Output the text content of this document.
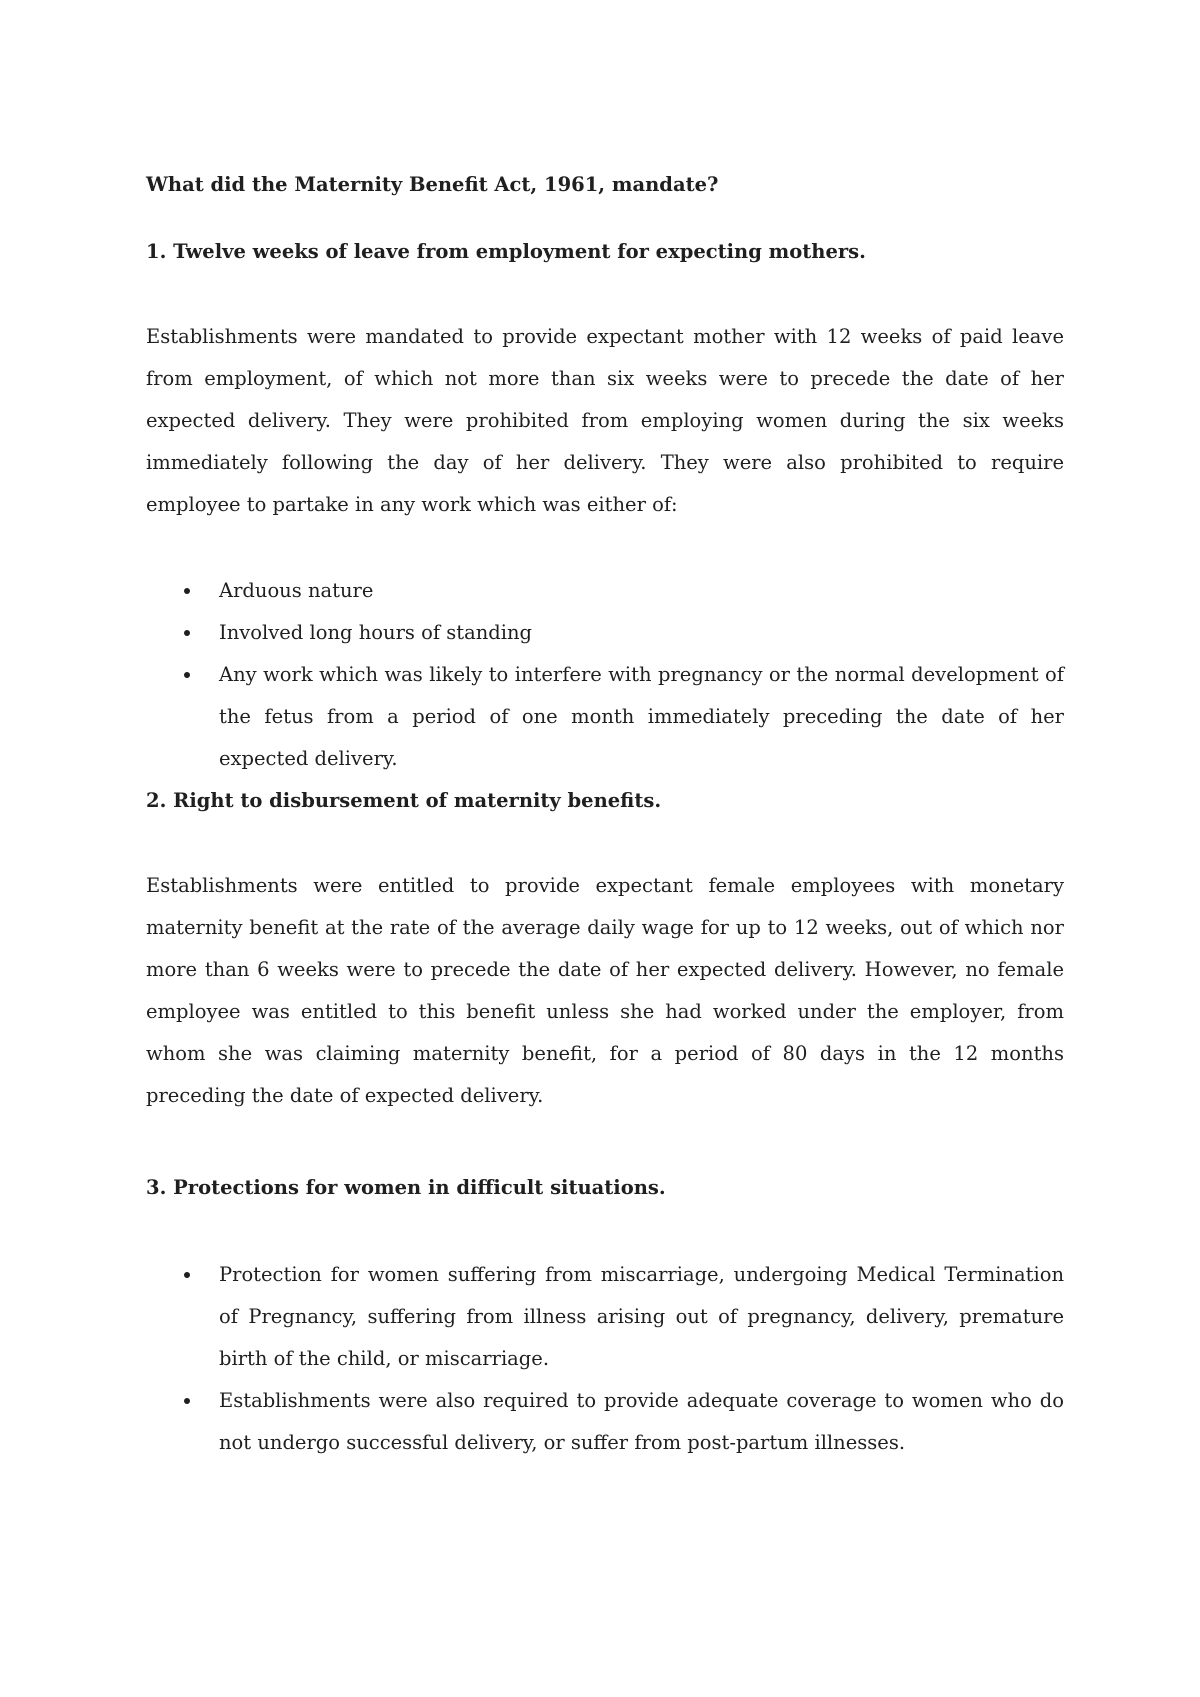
What did the Maternity Benefit Act, 1961, mandate?
1. Twelve weeks of leave from employment for expecting mothers.
Establishments were mandated to provide expectant mother with 12 weeks of paid leave from employment, of which not more than six weeks were to precede the date of her expected delivery. They were prohibited from employing women during the six weeks immediately following the day of her delivery. They were also prohibited to require employee to partake in any work which was either of:
Arduous nature
Involved long hours of standing
Any work which was likely to interfere with pregnancy or the normal development of the fetus from a period of one month immediately preceding the date of her expected delivery.
2. Right to disbursement of maternity benefits.
Establishments were entitled to provide expectant female employees with monetary maternity benefit at the rate of the average daily wage for up to 12 weeks, out of which nor more than 6 weeks were to precede the date of her expected delivery. However, no female employee was entitled to this benefit unless she had worked under the employer, from whom she was claiming maternity benefit, for a period of 80 days in the 12 months preceding the date of expected delivery.
3. Protections for women in difficult situations.
Protection for women suffering from miscarriage, undergoing Medical Termination of Pregnancy, suffering from illness arising out of pregnancy, delivery, premature birth of the child, or miscarriage.
Establishments were also required to provide adequate coverage to women who do not undergo successful delivery, or suffer from post-partum illnesses.
